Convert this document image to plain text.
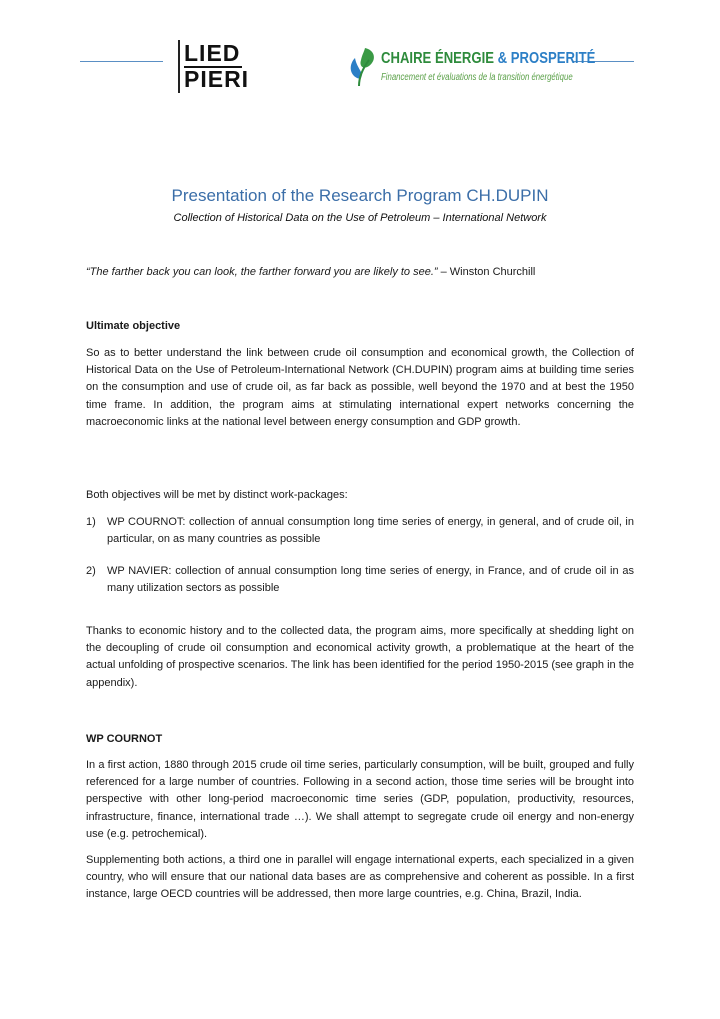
LIED
PIERI
CHAIRE ÉNERGIE & PROSPERITÉ
Financement et évaluations de la transition énergétique
Presentation of the Research Program CH.DUPIN
Collection of Historical Data on the Use of Petroleum – International Network
“The farther back you can look, the farther forward you are likely to see.” – Winston Churchill
Ultimate objective
So as to better understand the link between crude oil consumption and economical growth, the Collection of Historical Data on the Use of Petroleum-International Network (CH.DUPIN) program aims at building time series on the consumption and use of crude oil, as far back as possible, well beyond the 1970 and at best the 1950 time frame. In addition, the program aims at stimulating international expert networks concerning the macroeconomic links at the national level between energy consumption and GDP growth.
Both objectives will be met by distinct work-packages:
1) WP COURNOT: collection of annual consumption long time series of energy, in general, and of crude oil, in particular, on as many countries as possible
2) WP NAVIER: collection of annual consumption long time series of energy, in France, and of crude oil in as many utilization sectors as possible
Thanks to economic history and to the collected data, the program aims, more specifically at shedding light on the decoupling of crude oil consumption and economical activity growth, a problematique at the heart of the actual unfolding of prospective scenarios. The link has been identified for the period 1950-2015 (see graph in the appendix).
WP COURNOT
In a first action, 1880 through 2015 crude oil time series, particularly consumption, will be built, grouped and fully referenced for a large number of countries. Following in a second action, those time series will be brought into perspective with other long-period macroeconomic time series (GDP, population, productivity, resources, infrastructure, finance, international trade …). We shall attempt to segregate crude oil energy and non-energy use (e.g. petrochemical).
Supplementing both actions, a third one in parallel will engage international experts, each specialized in a given country, who will ensure that our national data bases are as comprehensive and coherent as possible. In a first instance, large OECD countries will be addressed, then more large countries, e.g. China, Brazil, India.
